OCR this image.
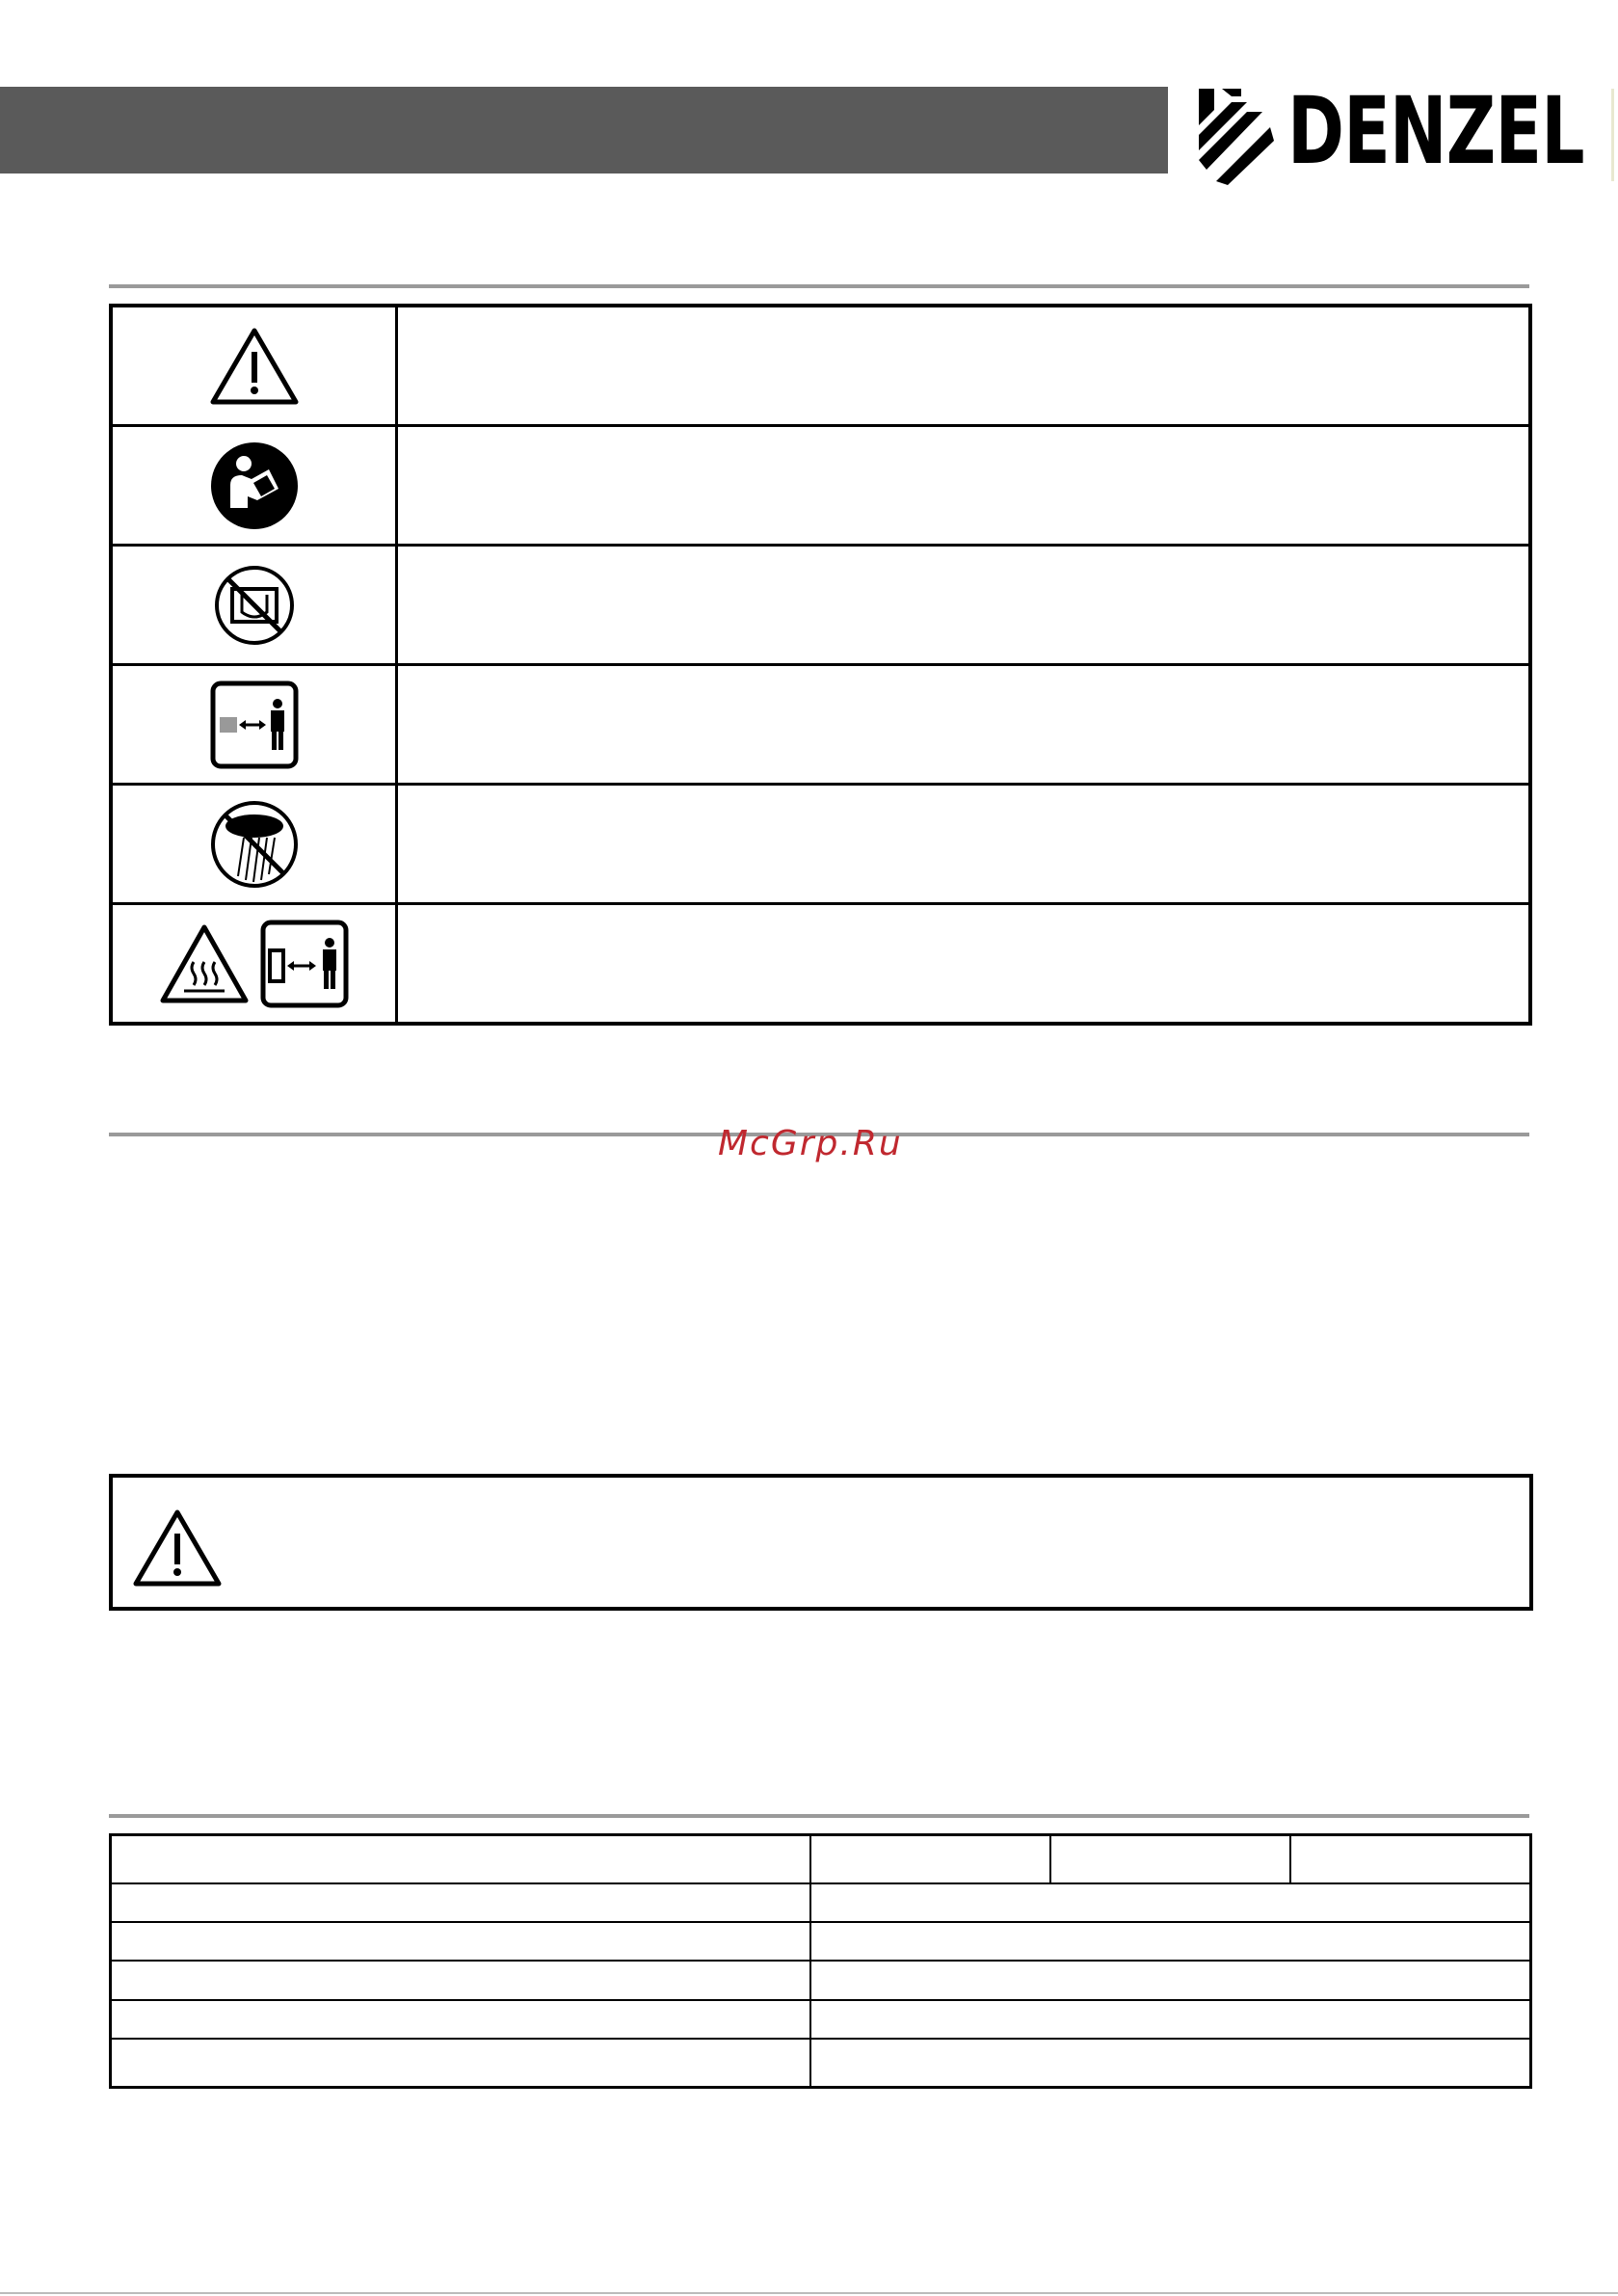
DENZEL

McGrp.Ru
